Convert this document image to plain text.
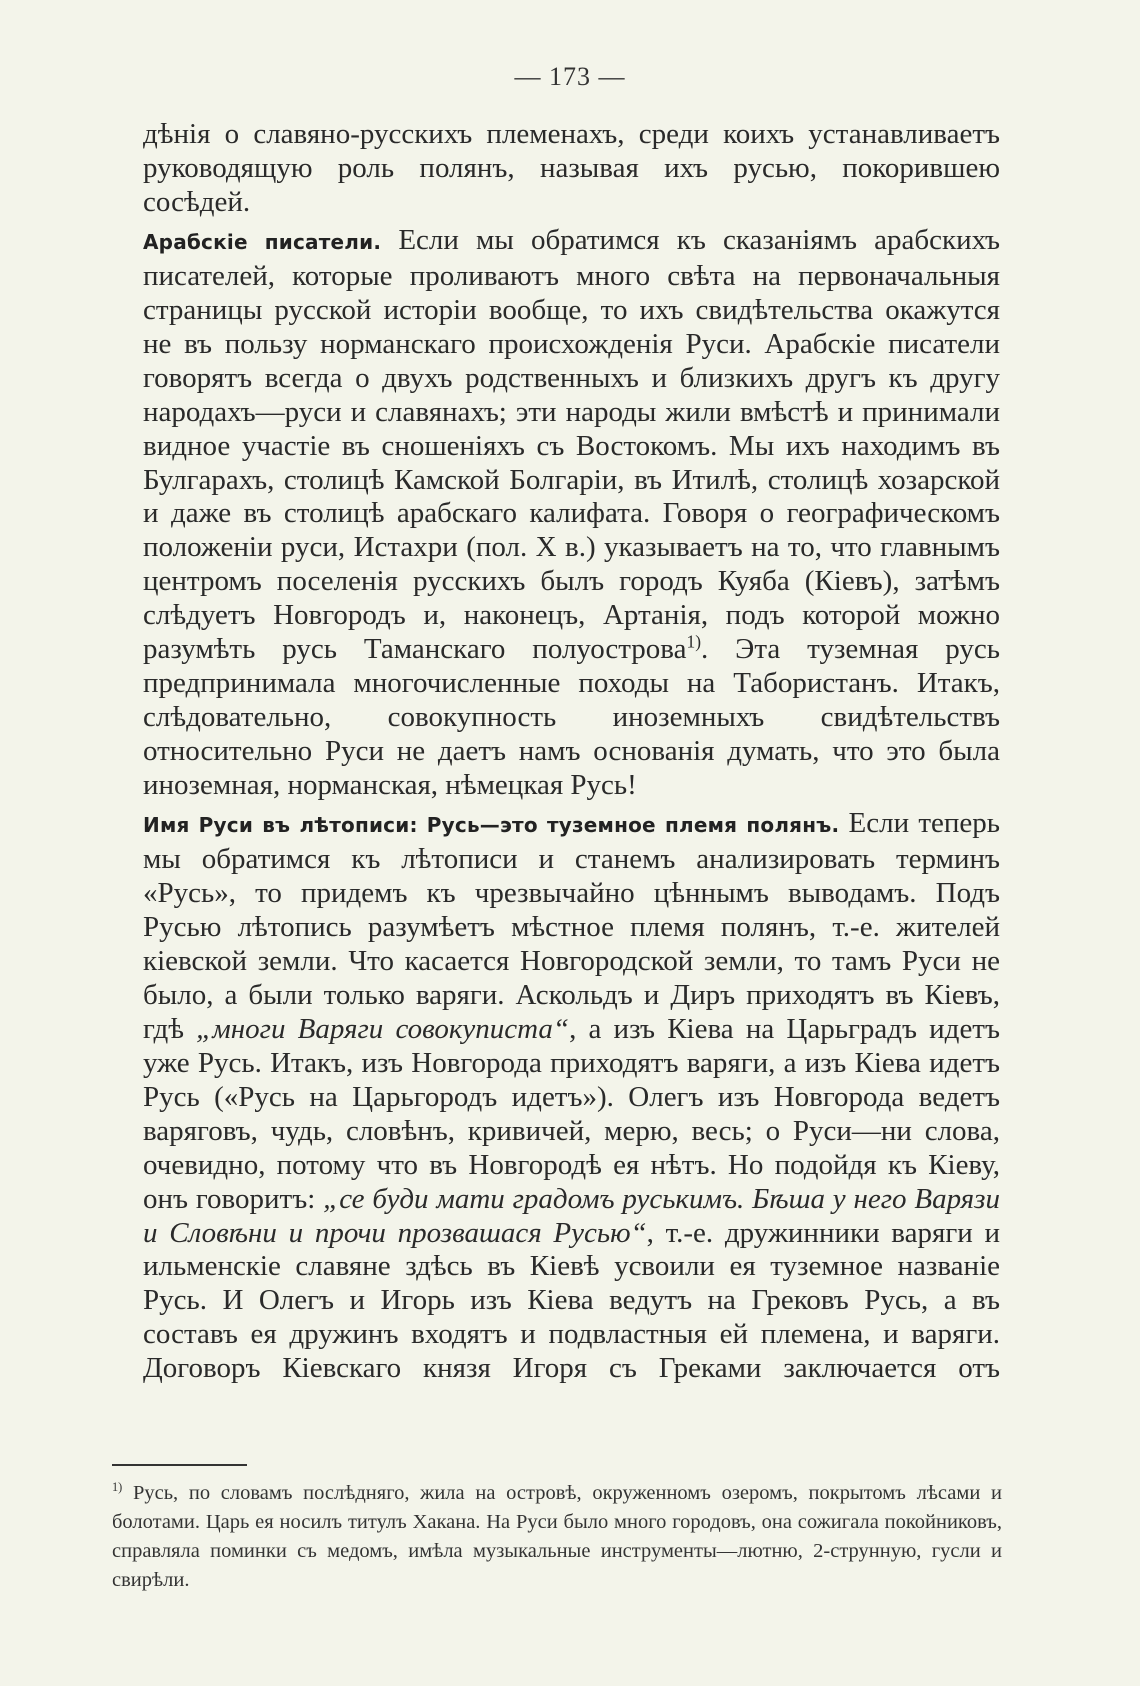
— 173 —

дѣнія о славяно-русскихъ племенахъ, среди коихъ устанавливаетъ руководящую роль полянъ, называя ихъ русью, покорившею сосѣдей.

Арабскіе писатели. Если мы обратимся къ сказаніямъ арабскихъ писателей, которые проливаютъ много свѣта на первоначальныя страницы русской исторіи вообще, то ихъ свидѣтельства окажутся не въ пользу норманскаго происхожденія Руси. Арабскіе писатели говорятъ всегда о двухъ родственныхъ и близкихъ другъ къ другу народахъ—руси и славянахъ; эти народы жили вмѣстѣ и принимали видное участіе въ сношеніяхъ съ Востокомъ. Мы ихъ находимъ въ Булгарахъ, столицѣ Камской Болгаріи, въ Итилѣ, столицѣ хозарской и даже въ столицѣ арабскаго калифата. Говоря о географическомъ положеніи руси, Истахри (пол. X в.) указываетъ на то, что главнымъ центромъ поселенія русскихъ былъ городъ Куяба (Кіевъ), затѣмъ слѣдуетъ Новгородъ и, наконецъ, Артанія, подъ которой можно разумѣть русь Таманскаго полуострова$^{1)}$. Эта туземная русь предпринимала многочисленные походы на Табористанъ. Итакъ, слѣдовательно, совокупность иноземныхъ свидѣтельствъ относительно Руси не даетъ намъ основанія думать, что это была иноземная, норманская, нѣмецкая Русь!

Имя Руси въ лѣтописи: Русь—это туземное племя полянъ. Если теперь мы обратимся къ лѣтописи и станемъ анализировать терминъ «Русь», то придемъ къ чрезвычайно цѣннымъ выводамъ. Подъ Русью лѣтопись разумѣетъ мѣстное племя полянъ, т.-е. жителей кіевской земли. Что касается Новгородской земли, то тамъ Руси не было, а были только варяги. Аскольдъ и Диръ приходятъ въ Кіевъ, гдѣ „многи Варяги совокуписта“, а изъ Кіева на Царьградъ идетъ уже Русь. Итакъ, изъ Новгорода приходятъ варяги, а изъ Кіева идетъ Русь («Русь на Царьгородъ идетъ»). Олегъ изъ Новгорода ведетъ варяговъ, чудь, словѣнъ, кривичей, мерю, весь; о Руси—ни слова, очевидно, потому что въ Новгородѣ ея нѣтъ. Но подойдя къ Кіеву, онъ говоритъ: „се буди мати градомъ руськимъ. Бѣша у него Варязи и Словѣни и прочи прозвашася Русью“, т.-е. дружинники варяги и ильменскіе славяне здѣсь въ Кіевѣ усвоили ея туземное названіе Русь. И Олегъ и Игорь изъ Кіева ведутъ на Грековъ Русь, а въ составъ ея дружинъ входятъ и подвластныя ей племена, и варяги. Договоръ Кіевскаго князя Игоря съ Греками заключается отъ

$^{1)}$ Русь, по словамъ послѣдняго, жила на островѣ, окруженномъ озеромъ, покрытомъ лѣсами и болотами. Царь ея носилъ титулъ Хакана. На Руси было много городовъ, она сожигала покойниковъ, справляла поминки съ медомъ, имѣла музыкальные инструменты—лютню, 2-струнную, гусли и свирѣли.
